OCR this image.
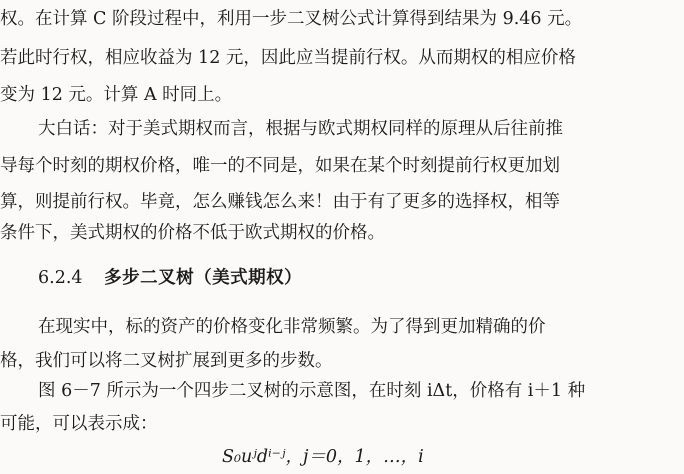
权。在计算 C 阶段过程中，利用一步二叉树公式计算得到结果为 9.46 元。
若此时行权，相应收益为 12 元，因此应当提前行权。从而期权的相应价格
变为 12 元。计算 A 时同上。
大白话：对于美式期权而言，根据与欧式期权同样的原理从后往前推
导每个时刻的期权价格，唯一的不同是，如果在某个时刻提前行权更加划
算，则提前行权。毕竟，怎么赚钱怎么来！由于有了更多的选择权，相等
条件下，美式期权的价格不低于欧式期权的价格。
6.2.4 多步二叉树（美式期权）
在现实中，标的资产的价格变化非常频繁。为了得到更加精确的价
格，我们可以将二叉树扩展到更多的步数。
图 6－7 所示为一个四步二叉树的示意图，在时刻 iΔt，价格有 i＋1 种
可能，可以表示成：
S₀uʲdⁱ⁻ʲ，j＝0，1，…，i
